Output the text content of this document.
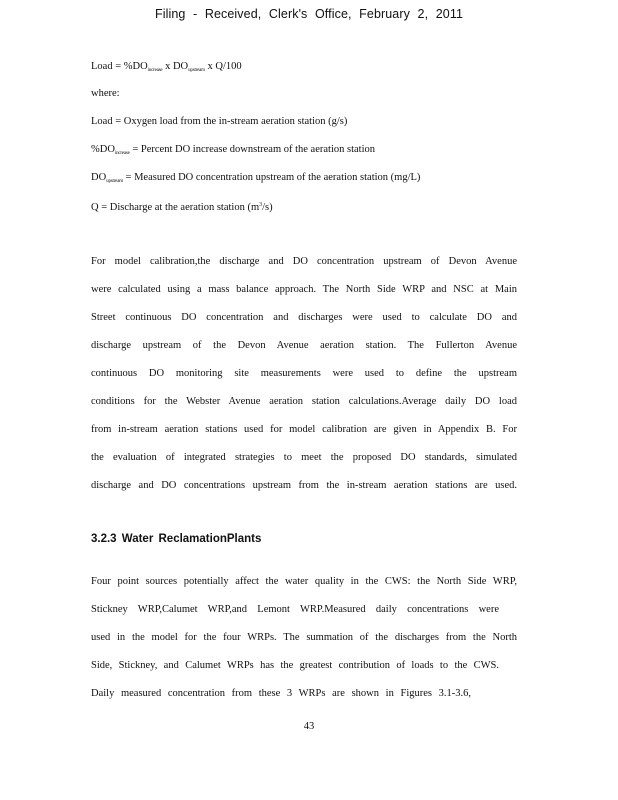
Filing - Received, Clerk's Office, February 2, 2011
Load = $\%DO_{increase}$ x $DO_{upstream}$ x Q/100
where:
Load = Oxygen load from the in-stream aeration station (g/s)
$\%DO_{increase}$ = Percent DO increase downstream of the aeration station
$DO_{upstream}$ = Measured DO concentration upstream of the aeration station (mg/L)
Q = Discharge at the aeration station $(m^3/s)$
For model calibration,the discharge and DO concentration upstream of Devon Avenue
were calculated using a mass balance approach. The North Side WRP and NSC at Main
Street continuous DO concentration and discharges were used to calculate DO and
discharge upstream of the Devon Avenue aeration station. The Fullerton Avenue
continuous DO monitoring site measurements were used to define the upstream
conditions for the Webster Avenue aeration station calculations.Average daily DO load
from in-stream aeration stations used for model calibration are given in Appendix B. For
the evaluation of integrated strategies to meet the proposed DO standards, simulated
discharge and DO concentrations upstream from the in-stream aeration stations are used.
3.2.3 Water ReclamationPlants
Four point sources potentially affect the water quality in the CWS: the North Side WRP,
Stickney WRP,Calumet WRP,and Lemont WRP.Measured daily concentrations were
used in the model for the four WRPs. The summation of the discharges from the North
Side, Stickney, and Calumet WRPs has the greatest contribution of loads to the CWS.
Daily measured concentration from these 3 WRPs are shown in Figures 3.1-3.6,
43
